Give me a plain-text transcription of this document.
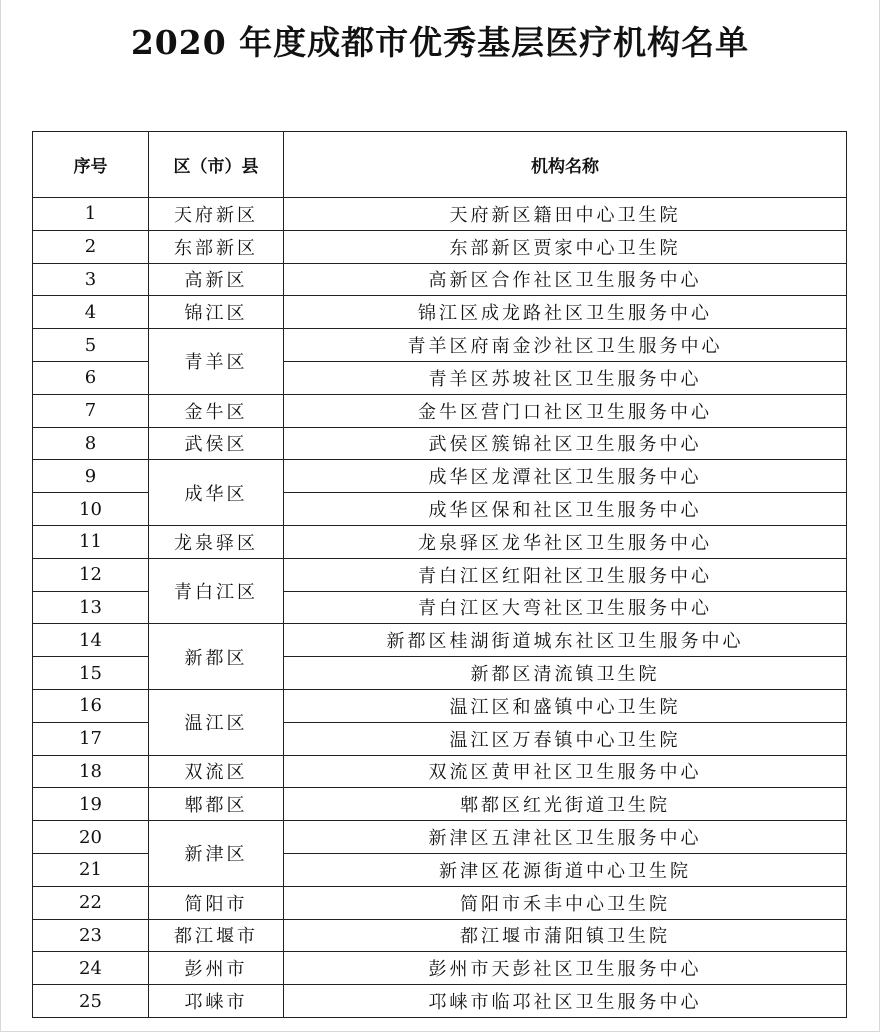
2020 年度成都市优秀基层医疗机构名单
序号	区（市）县	机构名称
1	天府新区	天府新区籍田中心卫生院
2	东部新区	东部新区贾家中心卫生院
3	高新区	高新区合作社区卫生服务中心
4	锦江区	锦江区成龙路社区卫生服务中心
5	青羊区	青羊区府南金沙社区卫生服务中心
6		青羊区苏坡社区卫生服务中心
7	金牛区	金牛区营门口社区卫生服务中心
8	武侯区	武侯区簇锦社区卫生服务中心
9	成华区	成华区龙潭社区卫生服务中心
10		成华区保和社区卫生服务中心
11	龙泉驿区	龙泉驿区龙华社区卫生服务中心
12	青白江区	青白江区红阳社区卫生服务中心
13		青白江区大弯社区卫生服务中心
14	新都区	新都区桂湖街道城东社区卫生服务中心
15		新都区清流镇卫生院
16	温江区	温江区和盛镇中心卫生院
17		温江区万春镇中心卫生院
18	双流区	双流区黄甲社区卫生服务中心
19	郫都区	郫都区红光街道卫生院
20	新津区	新津区五津社区卫生服务中心
21		新津区花源街道中心卫生院
22	简阳市	简阳市禾丰中心卫生院
23	都江堰市	都江堰市蒲阳镇卫生院
24	彭州市	彭州市天彭社区卫生服务中心
25	邛崃市	邛崃市临邛社区卫生服务中心
